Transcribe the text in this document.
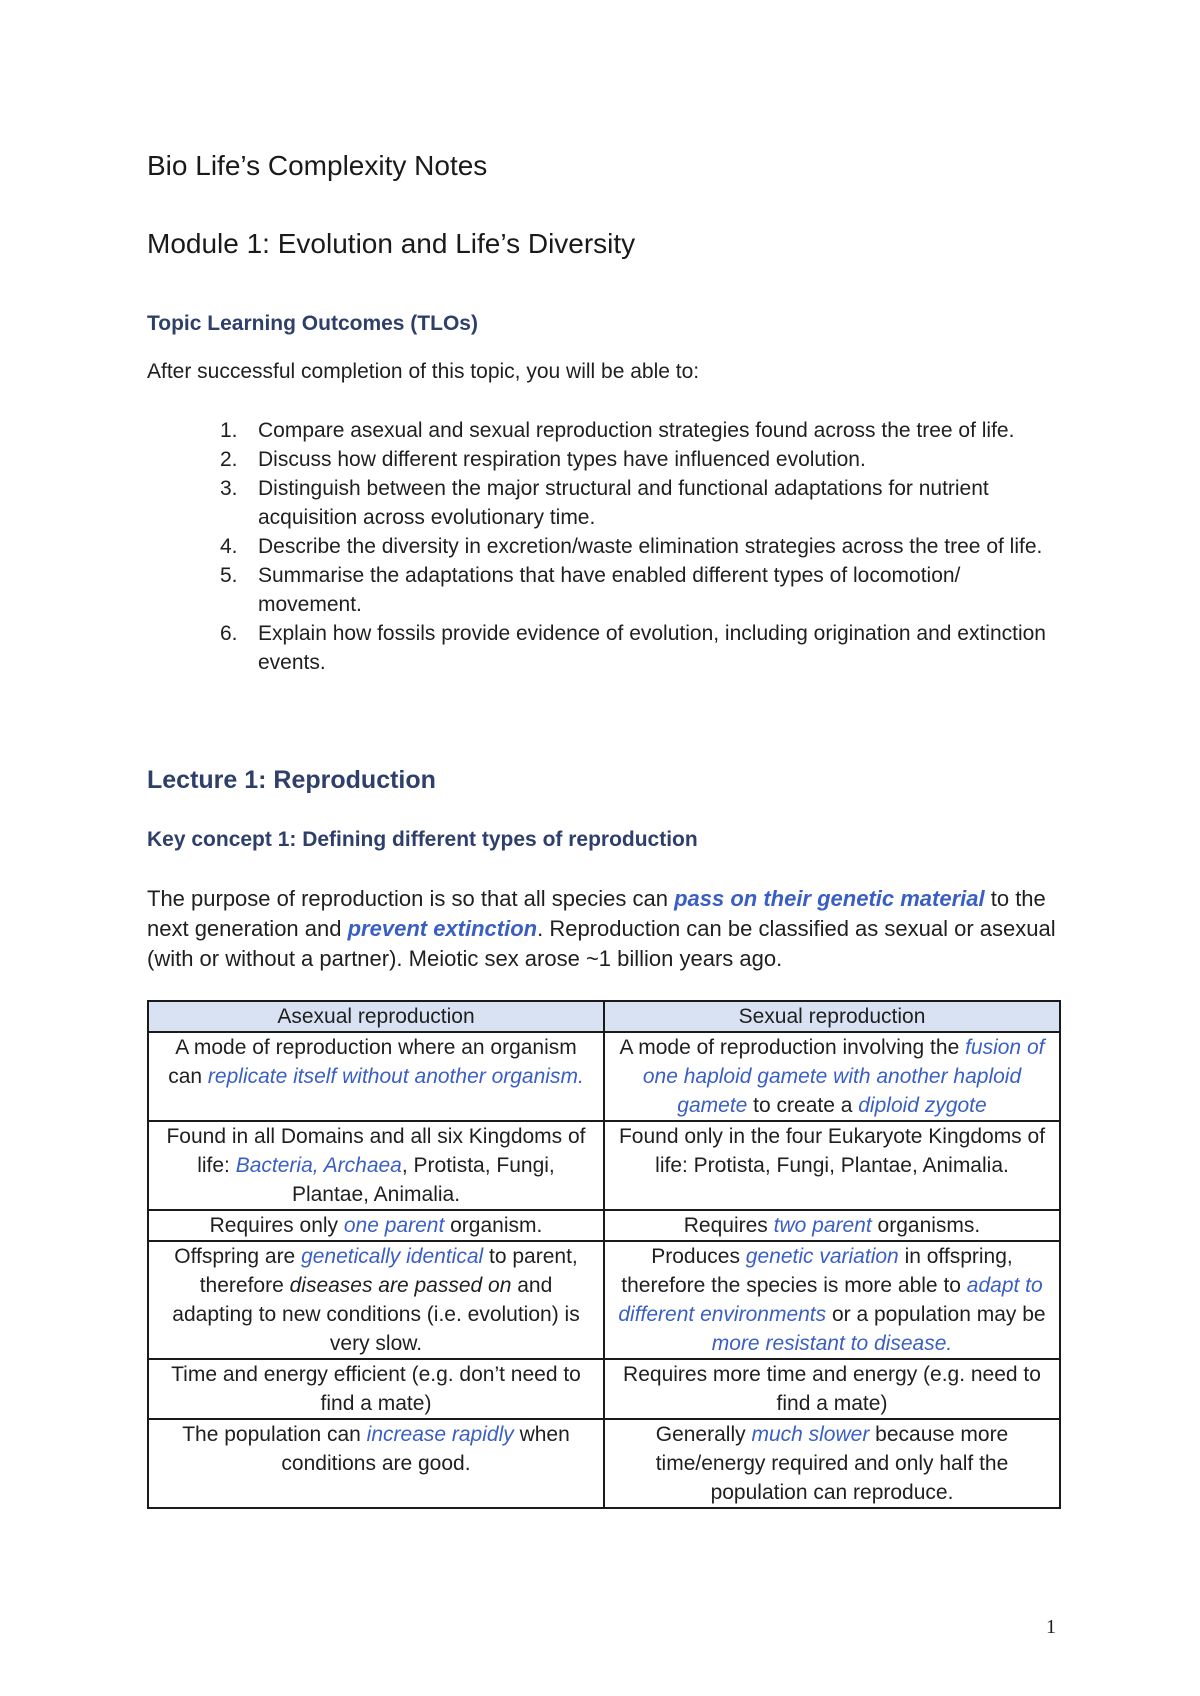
Bio Life’s Complexity Notes
Module 1: Evolution and Life’s Diversity
Topic Learning Outcomes (TLOs)
After successful completion of this topic, you will be able to:
1. Compare asexual and sexual reproduction strategies found across the tree of life.
2. Discuss how different respiration types have influenced evolution.
3. Distinguish between the major structural and functional adaptations for nutrient acquisition across evolutionary time.
4. Describe the diversity in excretion/waste elimination strategies across the tree of life.
5. Summarise the adaptations that have enabled different types of locomotion/ movement.
6. Explain how fossils provide evidence of evolution, including origination and extinction events.
Lecture 1: Reproduction
Key concept 1: Defining different types of reproduction
The purpose of reproduction is so that all species can pass on their genetic material to the next generation and prevent extinction. Reproduction can be classified as sexual or asexual (with or without a partner). Meiotic sex arose ~1 billion years ago.
Asexual reproduction	Sexual reproduction
A mode of reproduction where an organism can replicate itself without another organism.	A mode of reproduction involving the fusion of one haploid gamete with another haploid gamete to create a diploid zygote
Found in all Domains and all six Kingdoms of life: Bacteria, Archaea, Protista, Fungi, Plantae, Animalia.	Found only in the four Eukaryote Kingdoms of life: Protista, Fungi, Plantae, Animalia.
Requires only one parent organism.	Requires two parent organisms.
Offspring are genetically identical to parent, therefore diseases are passed on and adapting to new conditions (i.e. evolution) is very slow.	Produces genetic variation in offspring, therefore the species is more able to adapt to different environments or a population may be more resistant to disease.
Time and energy efficient (e.g. don’t need to find a mate)	Requires more time and energy (e.g. need to find a mate)
The population can increase rapidly when conditions are good.	Generally much slower because more time/energy required and only half the population can reproduce.
1
